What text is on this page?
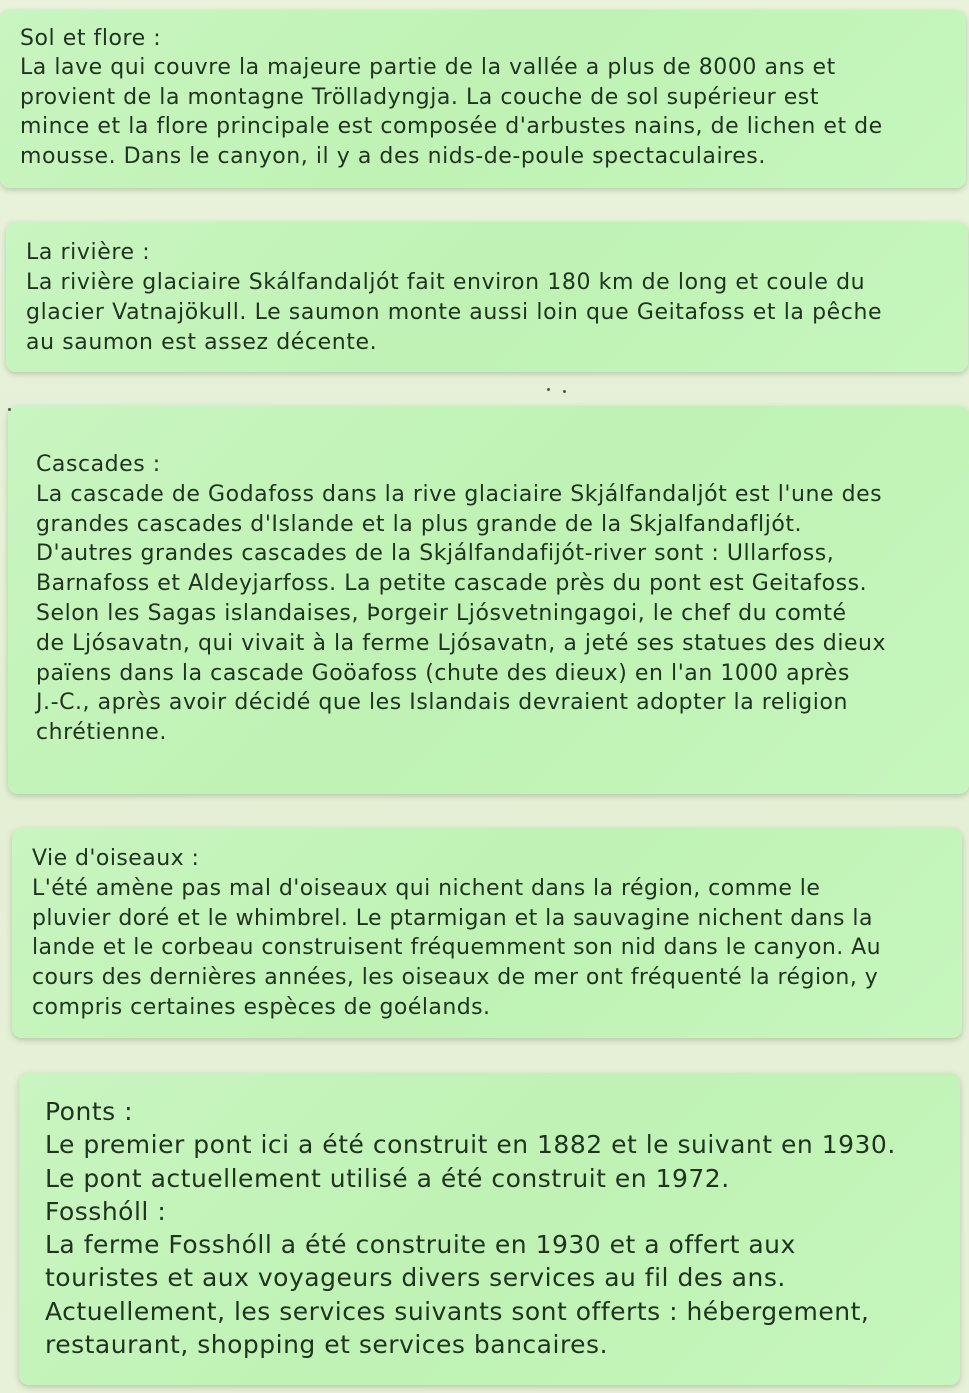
Sol et flore :
La lave qui couvre la majeure partie de la vallée a plus de 8000 ans et
provient de la montagne Trölladyngja. La couche de sol supérieur est
mince et la flore principale est composée d'arbustes nains, de lichen et de
mousse. Dans le canyon, il y a des nids-de-poule spectaculaires.

La rivière :
La rivière glaciaire Skálfandaljót fait environ 180 km de long et coule du
glacier Vatnajökull. Le saumon monte aussi loin que Geitafoss et la pêche
au saumon est assez décente.

Cascades :
La cascade de Godafoss dans la rive glaciaire Skjálfandaljót est l'une des
grandes cascades d'Islande et la plus grande de la Skjalfandafljót.
D'autres grandes cascades de la Skjálfandafijót-river sont : Ullarfoss,
Barnafoss et Aldeyjarfoss. La petite cascade près du pont est Geitafoss.
Selon les Sagas islandaises, Þorgeir Ljósvetningagoi, le chef du comté
de Ljósavatn, qui vivait à la ferme Ljósavatn, a jeté ses statues des dieux
païens dans la cascade Goöafoss (chute des dieux) en l'an 1000 après
J.-C., après avoir décidé que les Islandais devraient adopter la religion
chrétienne.

Vie d'oiseaux :
L'été amène pas mal d'oiseaux qui nichent dans la région, comme le
pluvier doré et le whimbrel. Le ptarmigan et la sauvagine nichent dans la
lande et le corbeau construisent fréquemment son nid dans le canyon. Au
cours des dernières années, les oiseaux de mer ont fréquenté la région, y
compris certaines espèces de goélands.

Ponts :
Le premier pont ici a été construit en 1882 et le suivant en 1930.
Le pont actuellement utilisé a été construit en 1972.

Fosshóll :
La ferme Fosshóll a été construite en 1930 et a offert aux
touristes et aux voyageurs divers services au fil des ans.
Actuellement, les services suivants sont offerts : hébergement,
restaurant, shopping et services bancaires.
